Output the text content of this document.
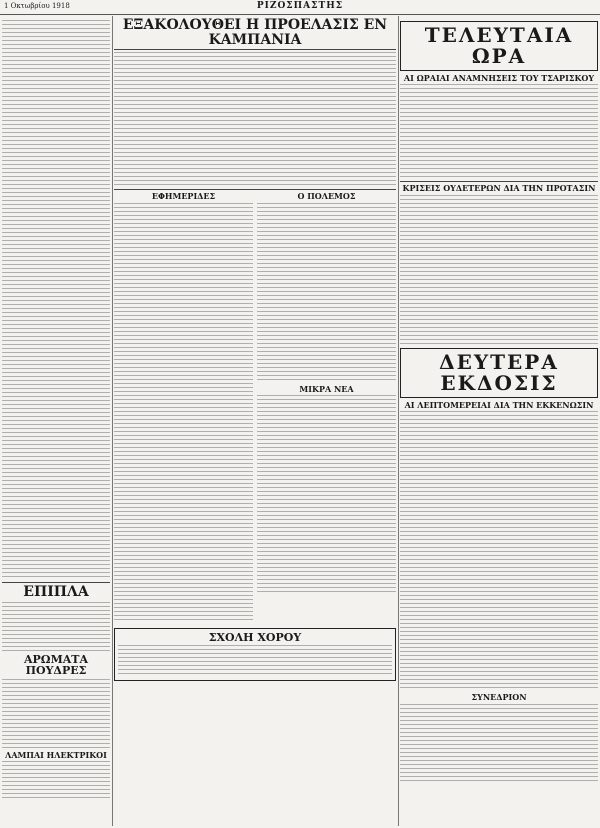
1 Οκτωβρίου 1918	ΡΙΖΟΣΠΑΣΤΗΣ

ΕΠΙΠΛΑ

ΑΡΩΜΑΤΑ ΠΟΥΔΡΕΣ

ΛΑΜΠΑΙ ΗΛΕΚΤΡΙΚΟΙ

ΕΞΑΚΟΛΟΥΘΕΙ Η ΠΡΟΕΛΑΣΙΣ ΕΝ ΚΑΜΠΑΝΙΑ

ΕΦΗΜΕΡΙΔΕΣ	Ο ΠΟΛΕΜΟΣ

ΜΙΚΡΑ ΝΕΑ

ΣΧΟΛΗ ΧΟΡΟΥ

ΤΕΛΕΥΤΑΙΑ ΩΡΑ

ΑΙ ΩΡΑΙΑΙ ΑΝΑΜΝΗΣΕΙΣ ΤΟΥ ΤΣΑΡΙΣΚΟΥ

ΚΡΙΣΕΙΣ ΟΥΔΕΤΕΡΩΝ ΔΙΑ ΤΗΝ ΠΡΟΤΑΣΙΝ

ΔΕΥΤΕΡΑ ΕΚΔΟΣΙΣ

ΑΙ ΛΕΠΤΟΜΕΡΕΙΑΙ ΔΙΑ ΤΗΝ ΕΚΚΕΝΩΣΙΝ

ΣΥΝΕΔΡΙΟΝ
